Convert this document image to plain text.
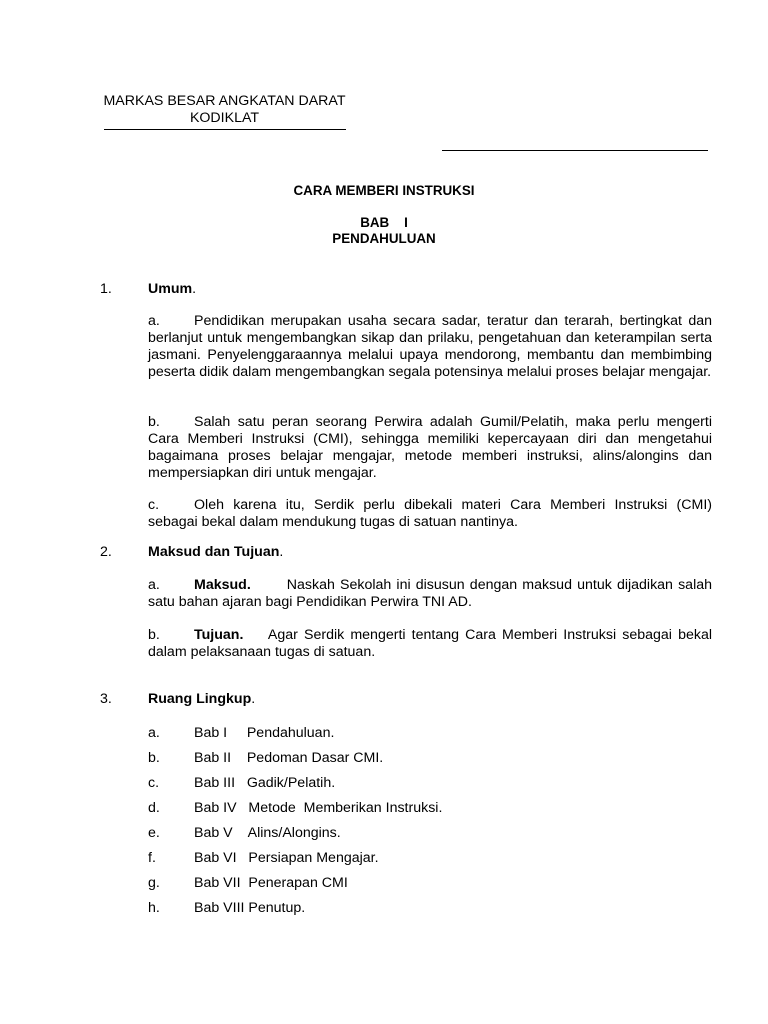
MARKAS BESAR ANGKATAN DARAT
KODIKLAT
CARA MEMBERI INSTRUKSI
BAB    I
PENDAHULUAN
1.	Umum.
a. Pendidikan merupakan usaha secara sadar, teratur dan terarah, bertingkat dan berlanjut untuk mengembangkan sikap dan prilaku, pengetahuan dan keterampilan serta jasmani. Penyelenggaraannya melalui upaya mendorong, membantu dan membimbing peserta didik dalam mengembangkan segala potensinya melalui proses belajar mengajar.
b. Salah satu peran seorang Perwira adalah Gumil/Pelatih, maka perlu mengerti Cara Memberi Instruksi (CMI), sehingga memiliki kepercayaan diri dan mengetahui bagaimana proses belajar mengajar, metode memberi instruksi, alins/alongins dan mempersiapkan diri untuk mengajar.
c. Oleh karena itu, Serdik perlu dibekali materi Cara Memberi Instruksi (CMI) sebagai bekal dalam mendukung tugas di satuan nantinya.
2.	Maksud dan Tujuan.
a. Maksud.	Naskah Sekolah ini disusun dengan maksud untuk dijadikan salah satu bahan ajaran bagi Pendidikan Perwira TNI AD.
b. Tujuan. Agar Serdik mengerti tentang Cara Memberi Instruksi sebagai bekal dalam pelaksanaan tugas di satuan.
3.	Ruang Lingkup.
a. Bab I     Pendahuluan.
b. Bab II    Pedoman Dasar CMI.
c. Bab III   Gadik/Pelatih.
d. Bab IV   Metode  Memberikan Instruksi.
e. Bab V    Alins/Alongins.
f.	Bab VI   Persiapan Mengajar.
g. Bab VII  Penerapan CMI
h. Bab VIII Penutup.
